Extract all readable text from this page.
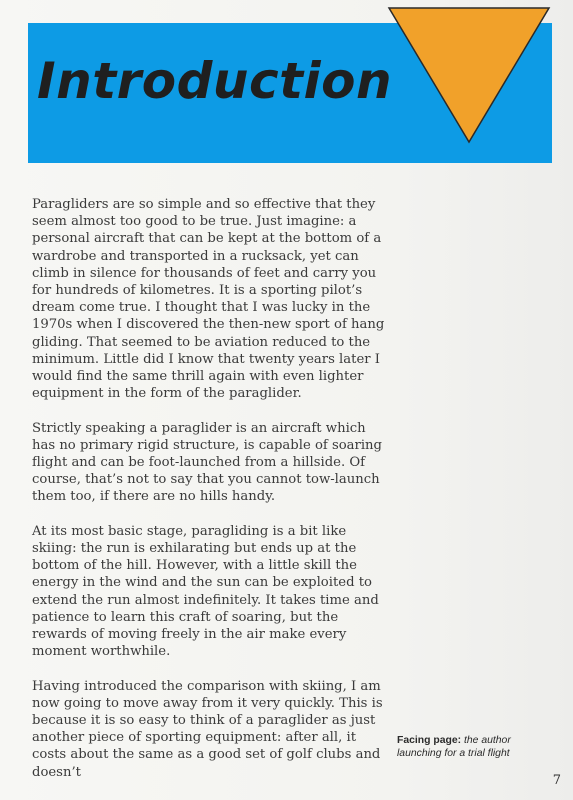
Introduction

Paragliders are so simple and so effective that they seem almost too good to be true. Just imagine: a personal aircraft that can be kept at the bottom of a wardrobe and transported in a rucksack, yet can climb in silence for thousands of feet and carry you for hundreds of kilometres. It is a sporting pilot’s dream come true. I thought that I was lucky in the 1970s when I discovered the then-new sport of hang gliding. That seemed to be aviation reduced to the minimum. Little did I know that twenty years later I would find the same thrill again with even lighter equipment in the form of the paraglider.

Strictly speaking a paraglider is an aircraft which has no primary rigid structure, is capable of soaring flight and can be foot-launched from a hillside. Of course, that’s not to say that you cannot tow-launch them too, if there are no hills handy.

At its most basic stage, paragliding is a bit like skiing: the run is exhilarating but ends up at the bottom of the hill. However, with a little skill the energy in the wind and the sun can be exploited to extend the run almost indefinitely. It takes time and patience to learn this craft of soaring, but the rewards of moving freely in the air make every moment worthwhile.

Having introduced the comparison with skiing, I am now going to move away from it very quickly. This is because it is so easy to think of a paraglider as just another piece of sporting equipment: after all, it costs about the same as a good set of golf clubs and doesn’t

Facing page: the author launching for a trial flight
7
